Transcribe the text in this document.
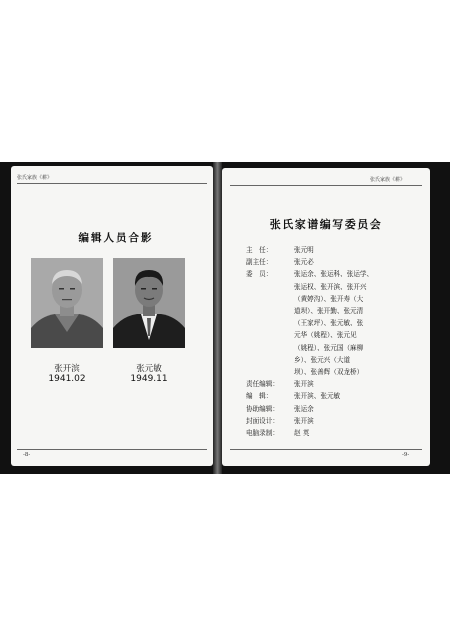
张氏家族《耕》
编辑人员合影
张开滨
1941.02
张元敏
1949.11
-8-
张氏家族《耕》
张氏家谱编写委员会
主　任：	张元明
副主任：	张元必
委　员：	张运余、张运科、张运学、
张运权、张开滨、张开兴
（黄婷沟）、张开寿（大
道坝）、张开勤、张元清
（王家坪）、张元敏、张
元华（姚程）、张元见
（姚程）、张元国（麻柳
乡）、张元兴（大道
坝）、张善辉（双龙桥）
责任编辑：	张开滨
编　辑：	张开滨、张元敏
协助编辑：	张运余
封面设计：	张开滨
电脑录制：	赵 英
-9-
